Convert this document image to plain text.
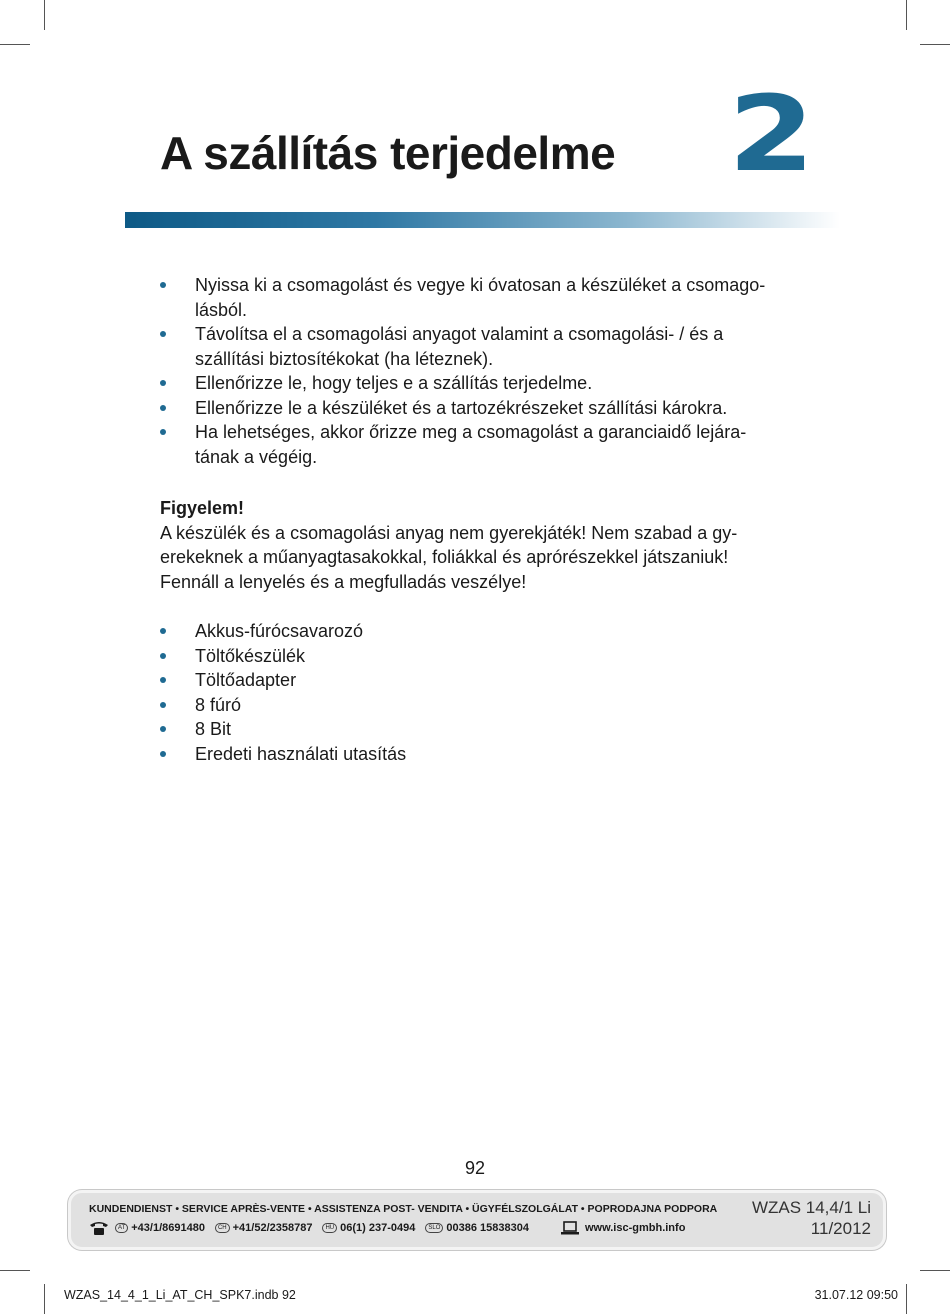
A szállítás terjedelme 2
Nyissa ki a csomagolást és vegye ki óvatosan a készüléket a csomago-
lásból.
Távolítsa el a csomagolási anyagot valamint a csomagolási- / és a
szállítási biztosítékokat (ha léteznek).
Ellenőrizze le, hogy teljes e a szállítás terjedelme.
Ellenőrizze le a készüléket és a tartozékrészeket szállítási károkra.
Ha lehetséges, akkor őrizze meg a csomagolást a garanciaidő lejára-
tának a végéig.
Figyelem!

A készülék és a csomagolási anyag nem gyerekjáték! Nem szabad a gy-

erekeknek a műanyagtasakokkal, foliákkal és aprórészekkel játszaniuk!

Fennáll a lenyelés és a megfulladás veszélye!

Akkus-fúrócsavarozó
Töltőkészülék
Töltőadapter
8 fúró
8 Bit
Eredeti használati utasítás
92
KUNDENDIENST • SERVICE APRÈS-VENTE • ASSISTENZA POST- VENDITA • ÜGYFÉLSZOLGÁLAT • POPRODAJNA PODPORA
AT +43/1/8691480	CH +41/52/2358787	HU 06(1) 237-0494	SLO 00386 15838304	www.isc-gmbh.info
WZAS 14,4/1 Li
11/2012
WZAS_14_4_1_Li_AT_CH_SPK7.indb 92	31.07.12 09:50
